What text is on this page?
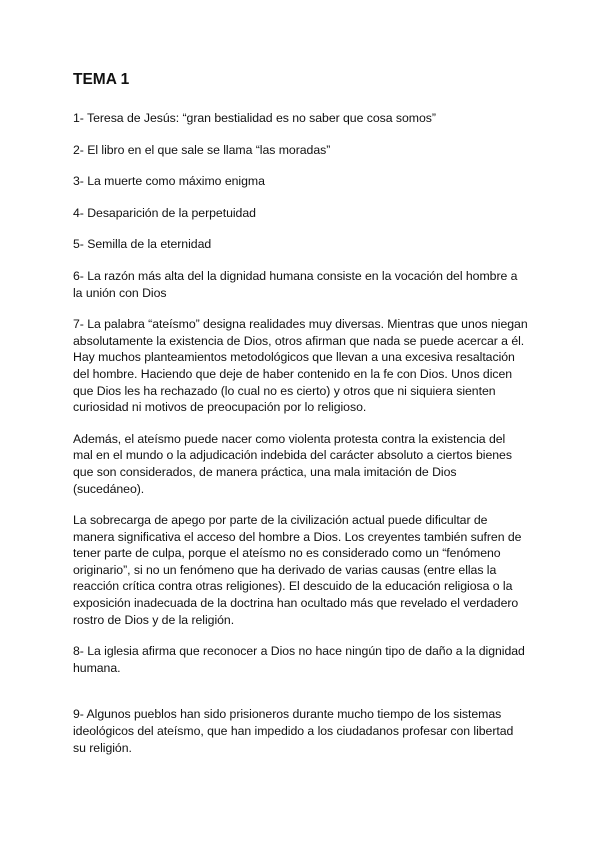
TEMA 1

1- Teresa de Jesús: “gran bestialidad es no saber que cosa somos”

2- El libro en el que sale se llama “las moradas”

3- La muerte como máximo enigma

4- Desaparición de la perpetuidad

5- Semilla de la eternidad

6- La razón más alta del la dignidad humana consiste en la vocación del hombre a la unión con Dios

7- La palabra “ateísmo” designa realidades muy diversas. Mientras que unos niegan absolutamente la existencia de Dios, otros afirman que nada se puede acercar a él. Hay muchos planteamientos metodológicos que llevan a una excesiva resaltación del hombre. Haciendo que deje de haber contenido en la fe con Dios. Unos dicen que Dios les ha rechazado (lo cual no es cierto) y otros que ni siquiera sienten curiosidad ni motivos de preocupación por lo religioso.

Además, el ateísmo puede nacer como violenta protesta contra la existencia del mal en el mundo o la adjudicación indebida del carácter absoluto a ciertos bienes que son considerados, de manera práctica, una mala imitación de Dios (sucedáneo).

La sobrecarga de apego por parte de la civilización actual puede dificultar de manera significativa el acceso del hombre a Dios. Los creyentes también sufren de tener parte de culpa, porque el ateísmo no es considerado como un “fenómeno originario”, si no un fenómeno que ha derivado de varias causas (entre ellas la reacción crítica contra otras religiones). El descuido de la educación religiosa o la exposición inadecuada de la doctrina han ocultado más que revelado el verdadero rostro de Dios y de la religión.

8- La iglesia afirma que reconocer a Dios no hace ningún tipo de daño a la dignidad humana.

9- Algunos pueblos han sido prisioneros durante mucho tiempo de los sistemas ideológicos del ateísmo, que han impedido a los ciudadanos profesar con libertad su religión.
